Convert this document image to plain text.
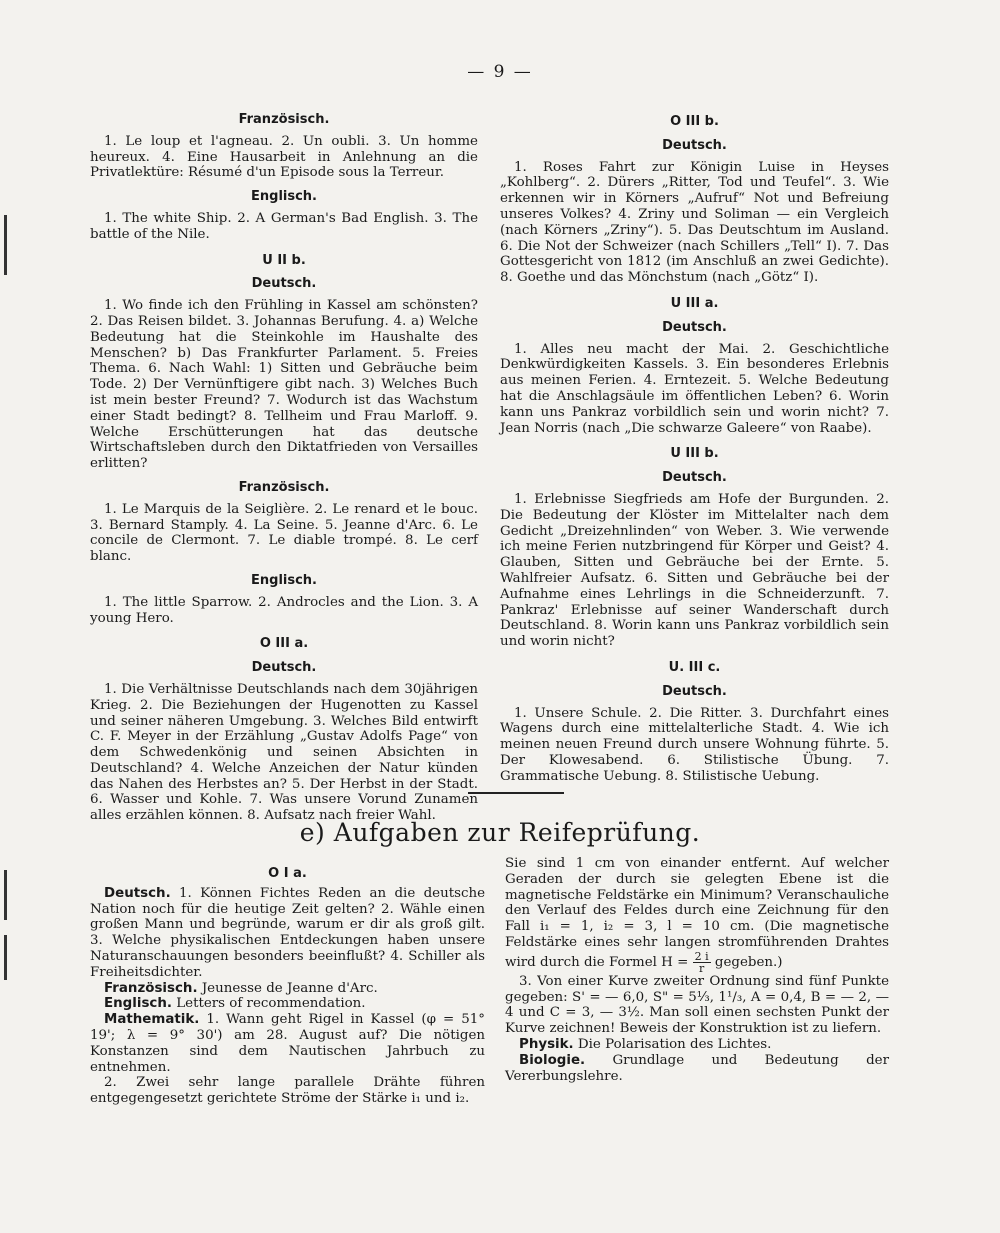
— 9 —
Französisch.

1. Le loup et l'agneau. 2. Un oubli. 3. Un homme heureux. 4. Eine Hausarbeit in Anlehnung an die Privatlektüre: Résumé d'un Episode sous la Terreur.

Englisch.

1. The white Ship. 2. A German's Bad English. 3. The battle of the Nile.

U II b.
Deutsch.

1. Wo finde ich den Frühling in Kassel am schönsten? 2. Das Reisen bildet. 3. Johannas Berufung. 4. a) Welche Bedeutung hat die Steinkohle im Haushalte des Menschen? b) Das Frankfurter Parlament. 5. Freies Thema. 6. Nach Wahl: 1) Sitten und Gebräuche beim Tode. 2) Der Vernünftigere gibt nach. 3) Welches Buch ist mein bester Freund? 7. Wodurch ist das Wachstum einer Stadt bedingt? 8. Tellheim und Frau Marloff. 9. Welche Erschütterungen hat das deutsche Wirtschaftsleben durch den Diktatfrieden von Versailles erlitten?

Französisch.

1. Le Marquis de la Seiglière. 2. Le renard et le bouc. 3. Bernard Stamply. 4. La Seine. 5. Jeanne d'Arc. 6. Le concile de Clermont. 7. Le diable trompé. 8. Le cerf blanc.

Englisch.

1. The little Sparrow. 2. Androcles and the Lion. 3. A young Hero.

O III a.
Deutsch.

1. Die Verhältnisse Deutschlands nach dem 30jährigen Krieg. 2. Die Beziehungen der Hugenotten zu Kassel und seiner näheren Umgebung. 3. Welches Bild entwirft C. F. Meyer in der Erzählung „Gustav Adolfs Page“ von dem Schwedenkönig und seinen Absichten in Deutschland? 4. Welche Anzeichen der Natur künden das Nahen des Herbstes an? 5. Der Herbst in der Stadt. 6. Wasser und Kohle. 7. Was unsere Vorund Zunamen alles erzählen können. 8. Aufsatz nach freier Wahl.

O III b.
Deutsch.

1. Roses Fahrt zur Königin Luise in Heyses „Kohlberg“. 2. Dürers „Ritter, Tod und Teufel“. 3. Wie erkennen wir in Körners „Aufruf“ Not und Befreiung unseres Volkes? 4. Zriny und Soliman — ein Vergleich (nach Körners „Zriny“). 5. Das Deutschtum im Ausland. 6. Die Not der Schweizer (nach Schillers „Tell“ I). 7. Das Gottesgericht von 1812 (im Anschluß an zwei Gedichte). 8. Goethe und das Mönchstum (nach „Götz“ I).

U III a.
Deutsch.

1. Alles neu macht der Mai. 2. Geschichtliche Denkwürdigkeiten Kassels. 3. Ein besonderes Erlebnis aus meinen Ferien. 4. Erntezeit. 5. Welche Bedeutung hat die Anschlagsäule im öffentlichen Leben? 6. Worin kann uns Pankraz vorbildlich sein und worin nicht? 7. Jean Norris (nach „Die schwarze Galeere“ von Raabe).

U III b.
Deutsch.

1. Erlebnisse Siegfrieds am Hofe der Burgunden. 2. Die Bedeutung der Klöster im Mittelalter nach dem Gedicht „Dreizehnlinden“ von Weber. 3. Wie verwende ich meine Ferien nutzbringend für Körper und Geist? 4. Glauben, Sitten und Gebräuche bei der Ernte. 5. Wahlfreier Aufsatz. 6. Sitten und Gebräuche bei der Aufnahme eines Lehrlings in die Schneiderzunft. 7. Pankraz' Erlebnisse auf seiner Wanderschaft durch Deutschland. 8. Worin kann uns Pankraz vorbildlich sein und worin nicht?

U. III c.
Deutsch.

1. Unsere Schule. 2. Die Ritter. 3. Durchfahrt eines Wagens durch eine mittelalterliche Stadt. 4. Wie ich meinen neuen Freund durch unsere Wohnung führte. 5. Der Klowesabend. 6. Stilistische Übung. 7. Grammatische Uebung. 8. Stilistische Uebung.

e) Aufgaben zur Reifeprüfung.
O I a.

Deutsch. 1. Können Fichtes Reden an die deutsche Nation noch für die heutige Zeit gelten? 2. Wähle einen großen Mann und begründe, warum er dir als groß gilt. 3. Welche physikalischen Entdeckungen haben unsere Naturanschauungen besonders beeinflußt? 4. Schiller als Freiheitsdichter.

Französisch. Jeunesse de Jeanne d'Arc.

Englisch. Letters of recommendation.

Mathematik. 1. Wann geht Rigel in Kassel (φ = 51° 19'; λ = 9° 30') am 28. August auf? Die nötigen Konstanzen sind dem Nautischen Jahrbuch zu entnehmen.

2. Zwei sehr lange parallele Drähte führen entgegengesetzt gerichtete Ströme der Stärke i₁ und i₂.

Sie sind 1 cm von einander entfernt. Auf welcher Geraden der durch sie gelegten Ebene ist die magnetische Feldstärke ein Minimum? Veranschauliche den Verlauf des Feldes durch eine Zeichnung für den Fall i₁ = 1, i₂ = 3, l = 10 cm. (Die magnetische Feldstärke eines sehr langen stromführenden Drahtes wird durch die Formel $H = \frac{2 i}{r}$ gegeben.)

3. Von einer Kurve zweiter Ordnung sind fünf Punkte gegeben: S' = — 6,0, S" = 5⅓, 1¹/₃, A = 0,4, B = — 2, — 4 und C = 3, — 3½. Man soll einen sechsten Punkt der Kurve zeichnen! Beweis der Konstruktion ist zu liefern.

Physik. Die Polarisation des Lichtes.

Biologie. Grundlage und Bedeutung der Vererbungslehre.
